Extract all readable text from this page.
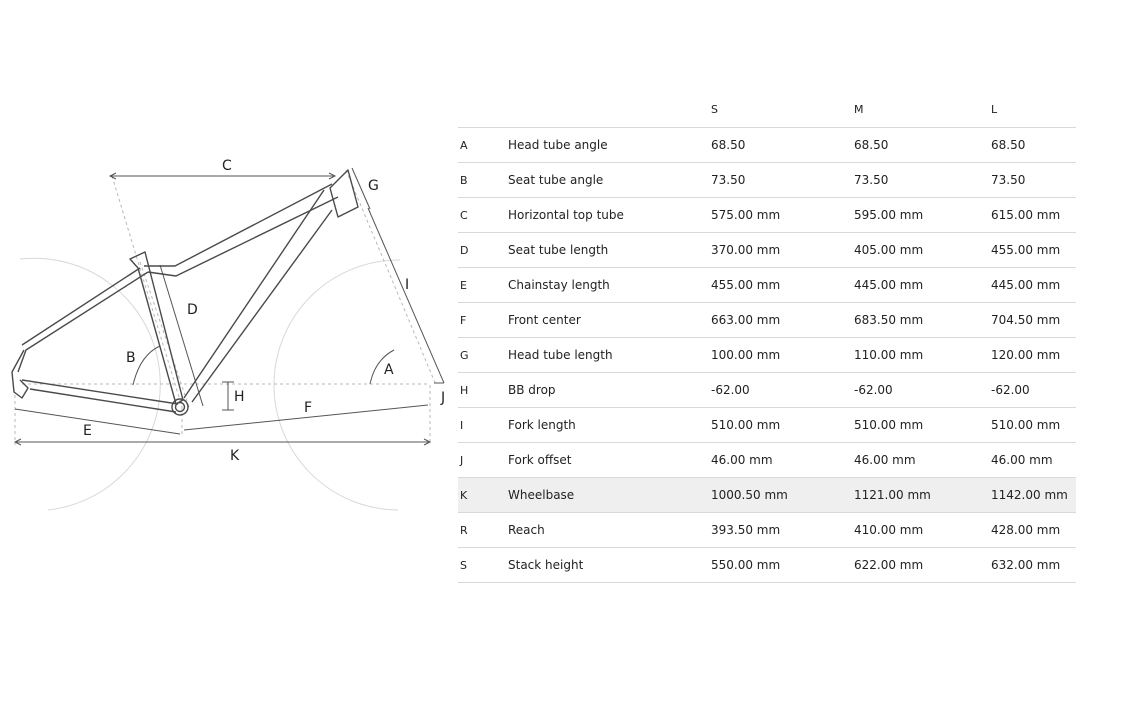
C
G
I
D
B
A
H	J
F
E
K
		S	M	L
A	Head tube angle	68.50	68.50	68.50
B	Seat tube angle	73.50	73.50	73.50
C	Horizontal top tube	575.00 mm	595.00 mm	615.00 mm
D	Seat tube length	370.00 mm	405.00 mm	455.00 mm
E	Chainstay length	455.00 mm	445.00 mm	445.00 mm
F	Front center	663.00 mm	683.50 mm	704.50 mm
G	Head tube length	100.00 mm	110.00 mm	120.00 mm
H	BB drop	-62.00	-62.00	-62.00
I	Fork length	510.00 mm	510.00 mm	510.00 mm
J	Fork offset	46.00 mm	46.00 mm	46.00 mm
K	Wheelbase	1000.50 mm	1121.00 mm	1142.00 mm
R	Reach	393.50 mm	410.00 mm	428.00 mm
S	Stack height	550.00 mm	622.00 mm	632.00 mm
